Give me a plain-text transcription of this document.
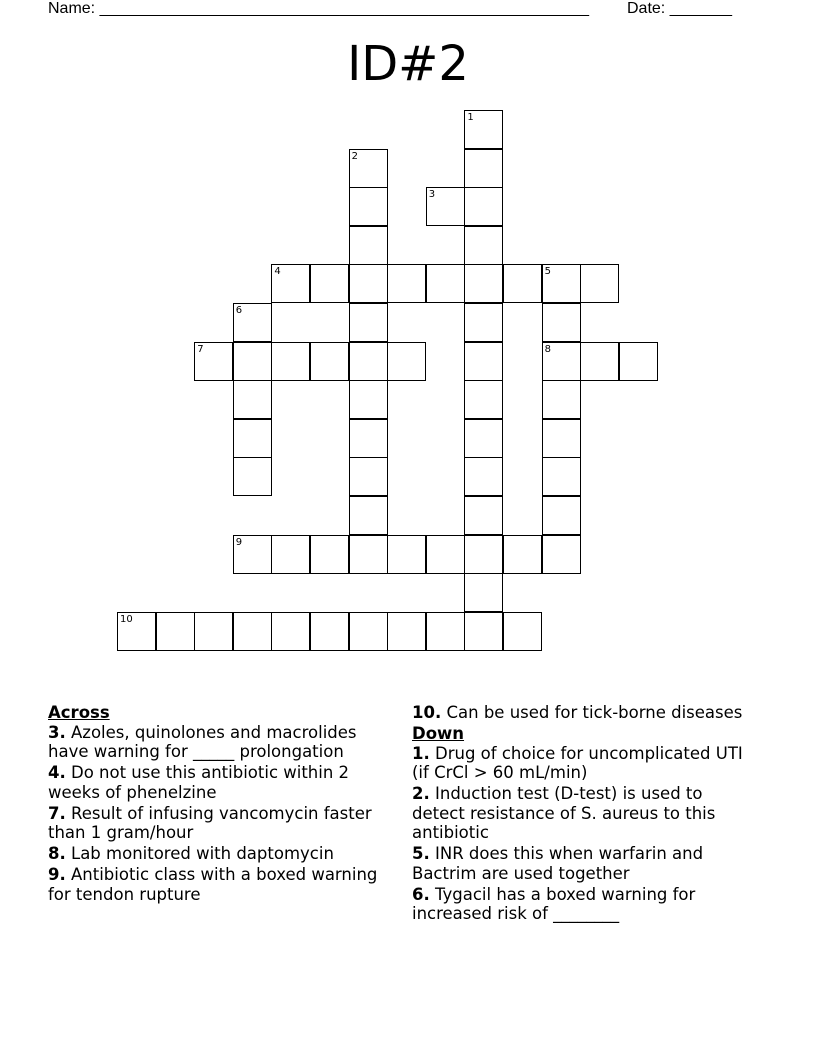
Name: _______________________________________________________ Date: _______
ID#2
1
2
3
4	5
8
6
7
9
10
Across
3. Azoles, quinolones and macrolides have warning for _____ prolongation
4. Do not use this antibiotic within 2 weeks of phenelzine
7. Result of infusing vancomycin faster than 1 gram/hour
8. Lab monitored with daptomycin
9. Antibiotic class with a boxed warning for tendon rupture
10. Can be used for tick-borne diseases
Down
1. Drug of choice for uncomplicated UTI (if CrCl > 60 mL/min)
2. Induction test (D-test) is used to detect resistance of S. aureus to this antibiotic
5. INR does this when warfarin and Bactrim are used together
6. Tygacil has a boxed warning for increased risk of ________
